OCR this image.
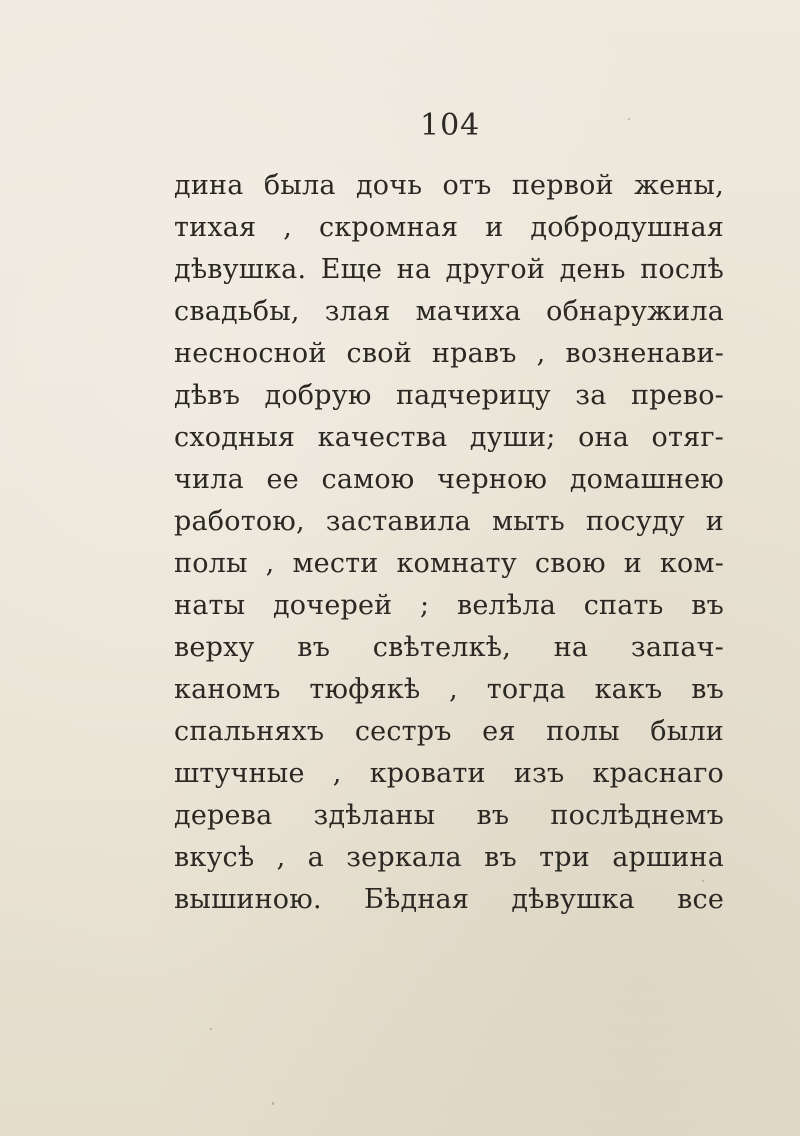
104
дина была дочь отъ первой жены,
тихая , скромная и добродушная
дѣвушка. Еще на другой день послѣ
свадьбы, злая мачиха обнаружила
несносной свой нравъ , возненави-
дѣвъ добрую падчерицу за прево-
сходныя качества души; она отяг-
чила ее самою черною домашнею
работою, заставила мыть посуду и
полы , мести комнату свою и ком-
наты дочерей ; велѣла спать въ
верху въ свѣтелкѣ, на запач-
каномъ тюфякѣ , тогда какъ въ
спальняхъ сестръ ея полы были
штучные , кровати изъ краснаго
дерева здѣланы въ послѣднемъ
вкусѣ , а зеркала въ три аршина
вышиною. Бѣдная дѣвушка все
